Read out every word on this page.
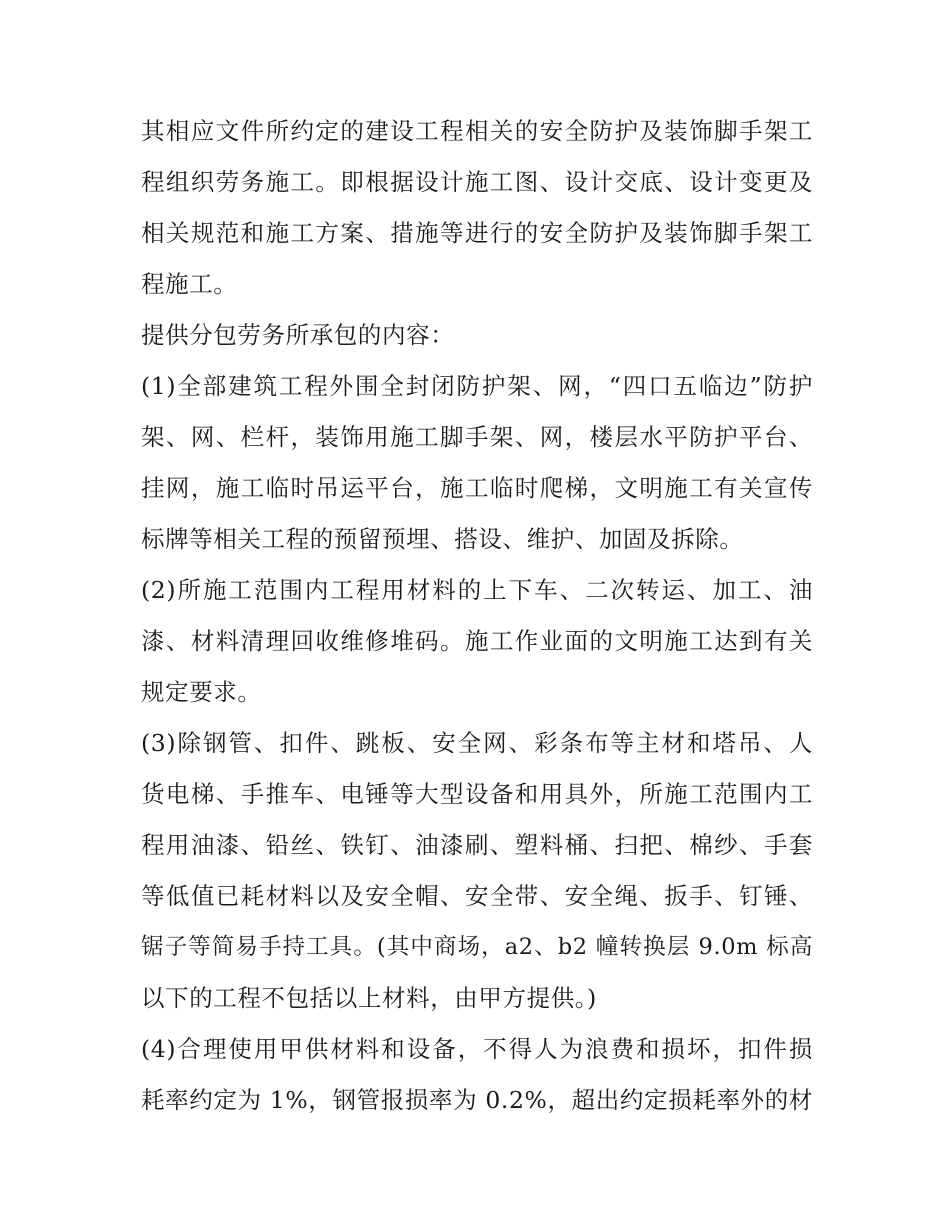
其相应文件所约定的建设工程相关的安全防护及装饰脚手架工
程组织劳务施工。即根据设计施工图、设计交底、设计变更及
相关规范和施工方案、措施等进行的安全防护及装饰脚手架工
程施工。
提供分包劳务所承包的内容：
(1)全部建筑工程外围全封闭防护架、网，“四口五临边”防护
架、网、栏杆，装饰用施工脚手架、网，楼层水平防护平台、
挂网，施工临时吊运平台，施工临时爬梯，文明施工有关宣传
标牌等相关工程的预留预埋、搭设、维护、加固及拆除。
(2)所施工范围内工程用材料的上下车、二次转运、加工、油
漆、材料清理回收维修堆码。施工作业面的文明施工达到有关
规定要求。
(3)除钢管、扣件、跳板、安全网、彩条布等主材和塔吊、人
货电梯、手推车、电锤等大型设备和用具外，所施工范围内工
程用油漆、铅丝、铁钉、油漆刷、塑料桶、扫把、棉纱、手套
等低值已耗材料以及安全帽、安全带、安全绳、扳手、钉锤、
锯子等简易手持工具。(其中商场，a2、b2 幢转换层 9.0m 标高
以下的工程不包括以上材料，由甲方提供。)
(4)合理使用甲供材料和设备，不得人为浪费和损坏，扣件损
耗率约定为 1%，钢管报损率为 0.2%，超出约定损耗率外的材
